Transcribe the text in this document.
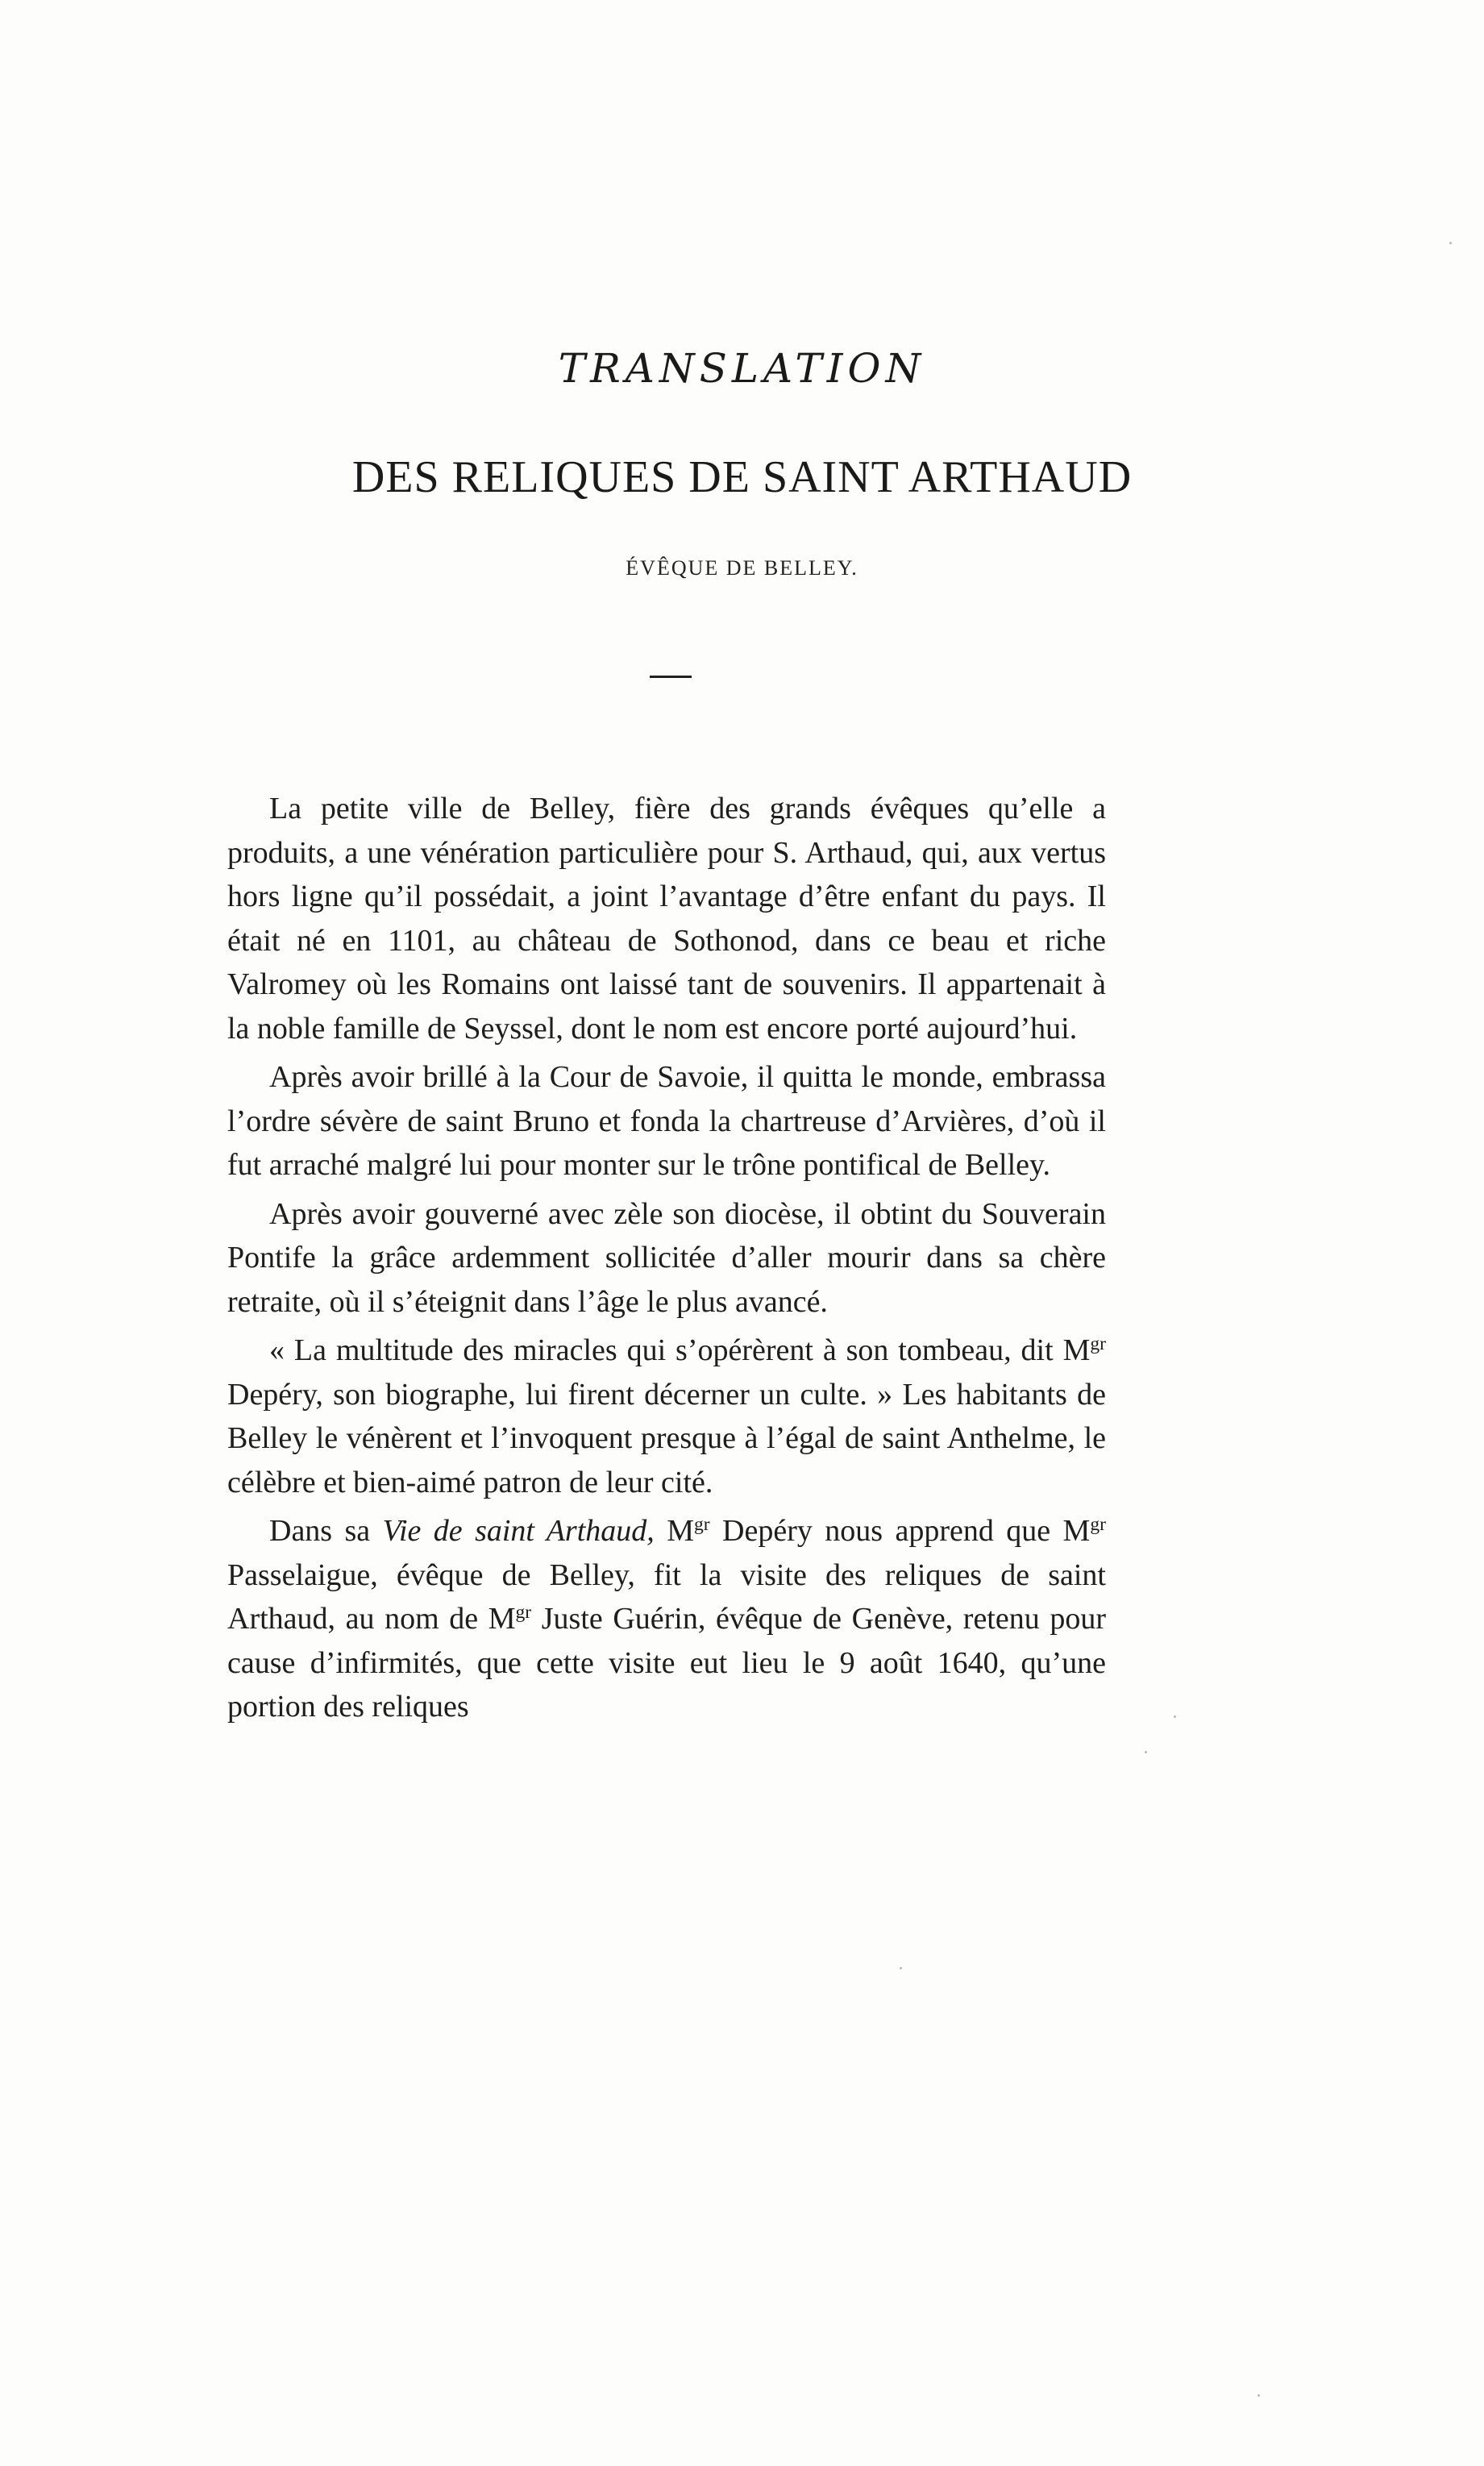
TRANSLATION
DES RELIQUES DE SAINT ARTHAUD
ÉVÊQUE DE BELLEY.

La petite ville de Belley, fière des grands évêques qu’elle a produits, a une vénération particulière pour S. Arthaud, qui, aux vertus hors ligne qu’il possédait, a joint l’avantage d’être enfant du pays. Il était né en 1101, au château de Sothonod, dans ce beau et riche Valromey où les Romains ont laissé tant de souvenirs. Il appartenait à la noble famille de Seyssel, dont le nom est encore porté aujourd’hui.

Après avoir brillé à la Cour de Savoie, il quitta le monde, embrassa l’ordre sévère de saint Bruno et fonda la chartreuse d’Arvières, d’où il fut arraché malgré lui pour monter sur le trône pontifical de Belley.

Après avoir gouverné avec zèle son diocèse, il obtint du Souverain Pontife la grâce ardemment sollicitée d’aller mourir dans sa chère retraite, où il s’éteignit dans l’âge le plus avancé.

« La multitude des miracles qui s’opérèrent à son tombeau, dit $M^{gr}$ Depéry, son biographe, lui firent décerner un culte. » Les habitants de Belley le vénèrent et l’invoquent presque à l’égal de saint Anthelme, le célèbre et bien-aimé patron de leur cité.

Dans sa Vie de saint Arthaud, $M^{gr}$ Depéry nous apprend que $M^{gr}$ Passelaigue, évêque de Belley, fit la visite des reliques de saint Arthaud, au nom de $M^{gr}$ Juste Guérin, évêque de Genève, retenu pour cause d’infirmités, que cette visite eut lieu le 9 août 1640, qu’une portion des reliques
